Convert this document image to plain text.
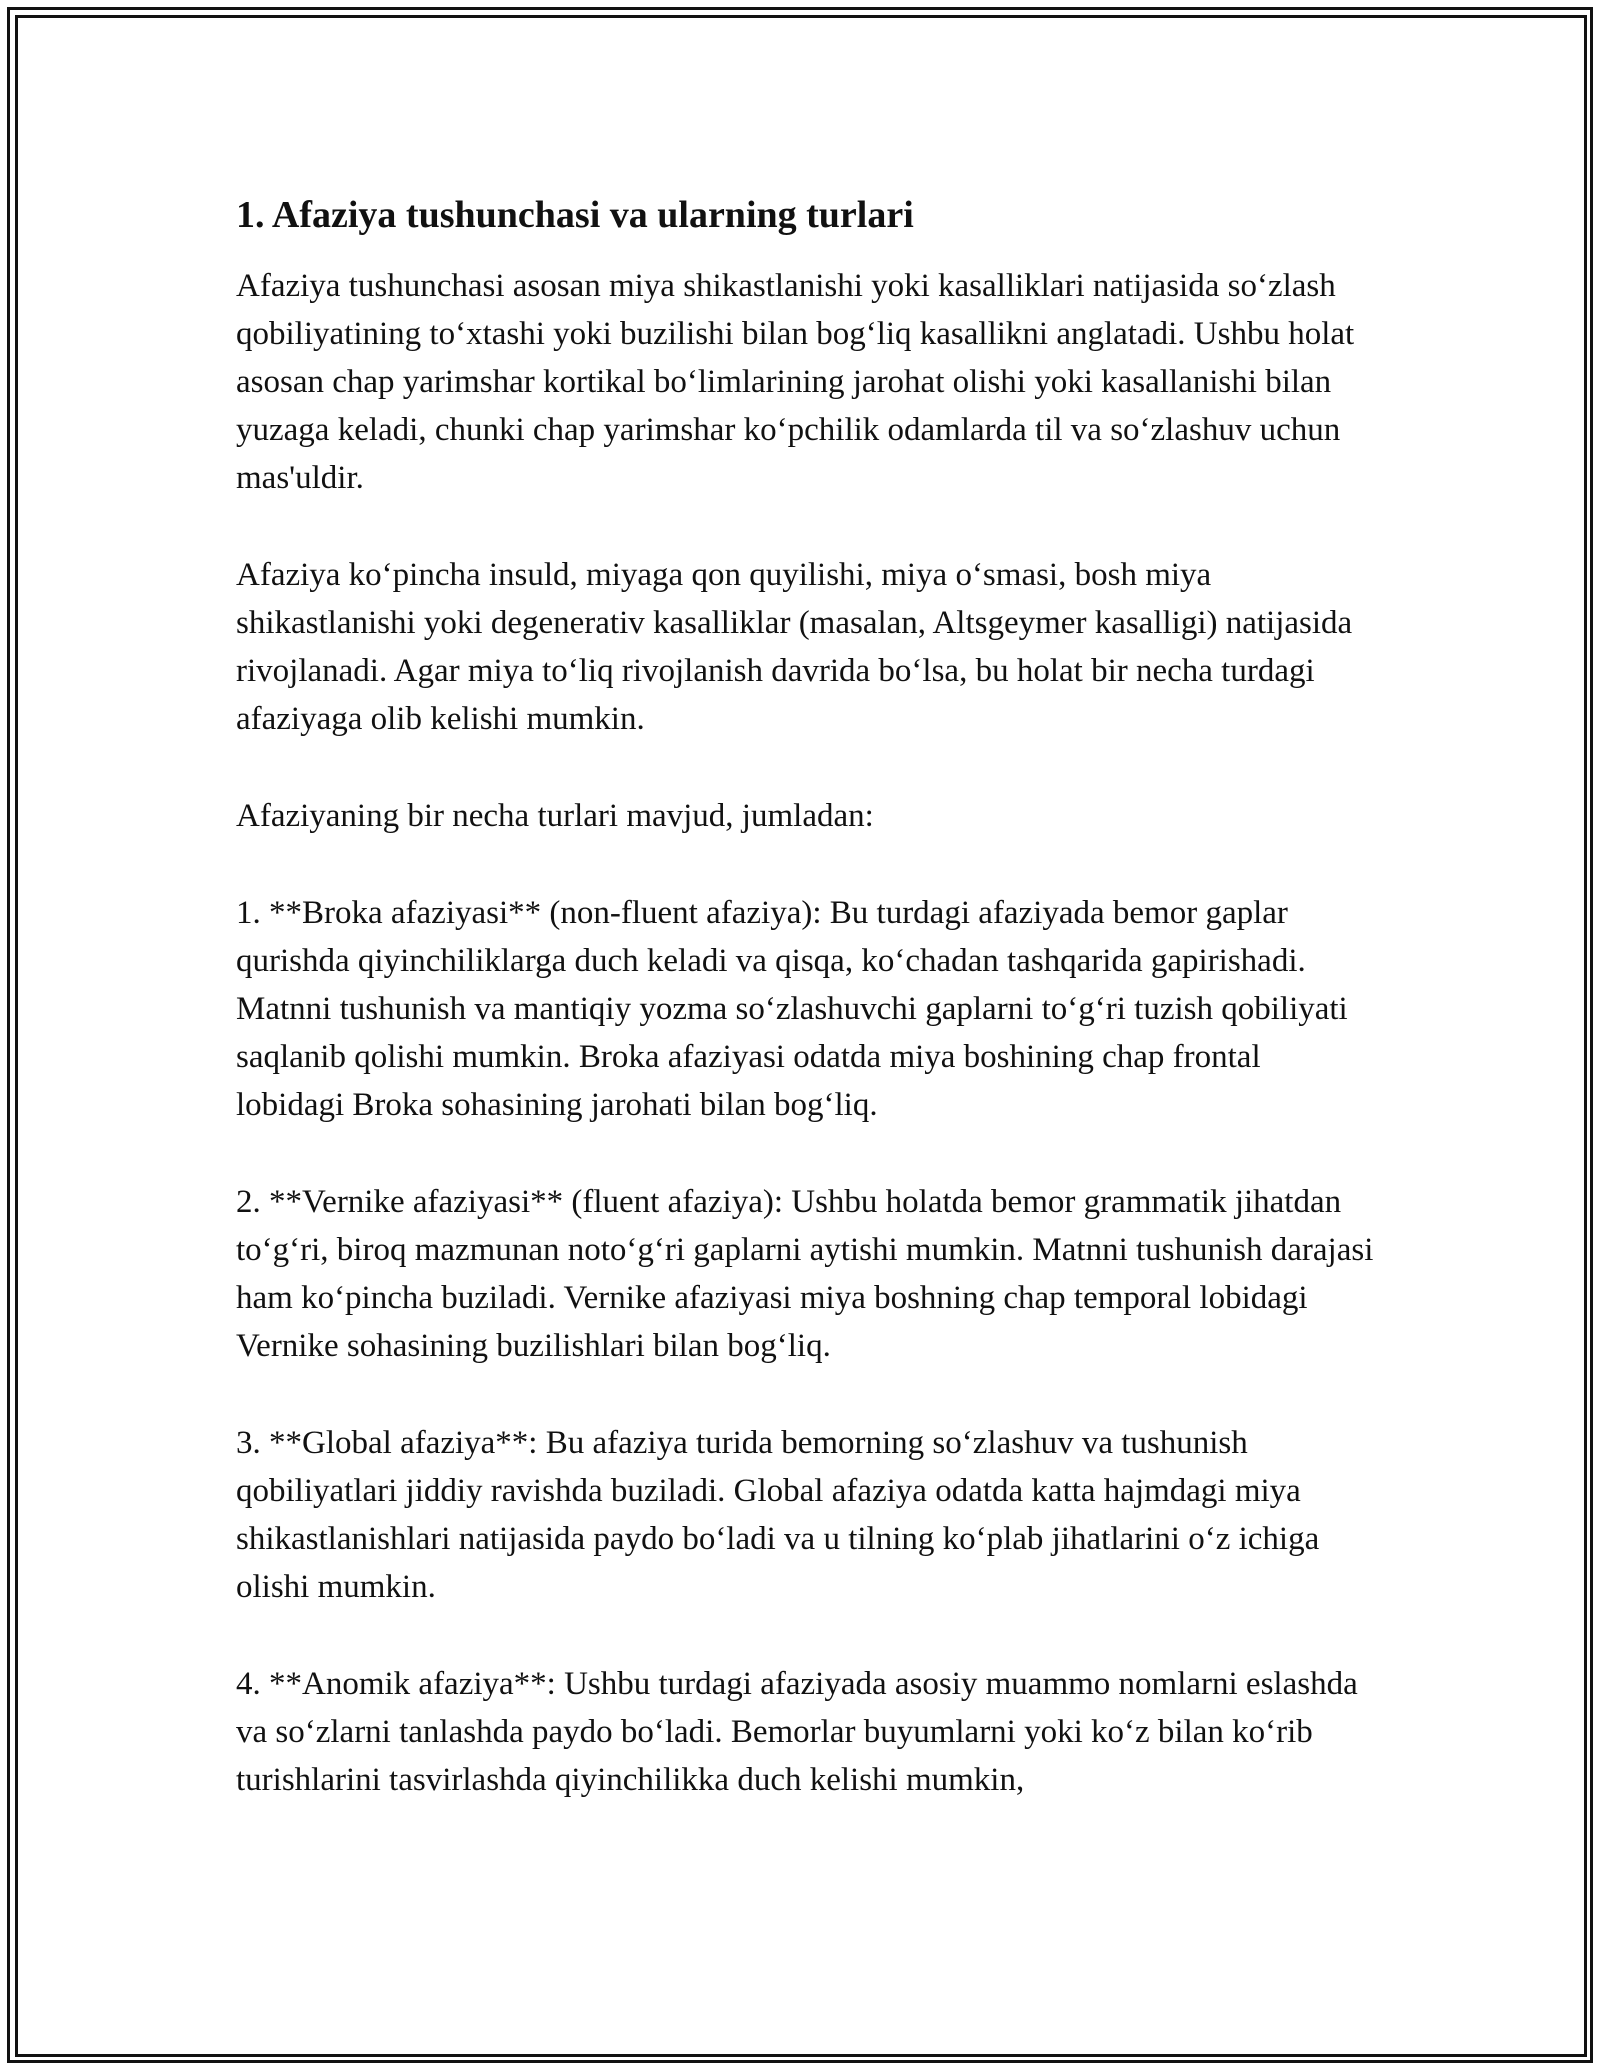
1. Afaziya tushunchasi va ularning turlari

Afaziya tushunchasi asosan miya shikastlanishi yoki kasalliklari natijasida so‘zlash qobiliyatining to‘xtashi yoki buzilishi bilan bog‘liq kasallikni anglatadi. Ushbu holat asosan chap yarimshar kortikal bo‘limlarining jarohat olishi yoki kasallanishi bilan yuzaga keladi, chunki chap yarimshar ko‘pchilik odamlarda til va so‘zlashuv uchun mas'uldir.

Afaziya ko‘pincha insuld, miyaga qon quyilishi, miya o‘smasi, bosh miya shikastlanishi yoki degenerativ kasalliklar (masalan, Altsgeymer kasalligi) natijasida rivojlanadi. Agar miya to‘liq rivojlanish davrida bo‘lsa, bu holat bir necha turdagi afaziyaga olib kelishi mumkin.

Afaziyaning bir necha turlari mavjud, jumladan:

1. **Broka afaziyasi** (non-fluent afaziya): Bu turdagi afaziyada bemor gaplar qurishda qiyinchiliklarga duch keladi va qisqa, ko‘chadan tashqarida gapirishadi. Matnni tushunish va mantiqiy yozma so‘zlashuvchi gaplarni to‘g‘ri tuzish qobiliyati saqlanib qolishi mumkin. Broka afaziyasi odatda miya boshining chap frontal lobidagi Broka sohasining jarohati bilan bog‘liq.

2. **Vernike afaziyasi** (fluent afaziya): Ushbu holatda bemor grammatik jihatdan to‘g‘ri, biroq mazmunan noto‘g‘ri gaplarni aytishi mumkin. Matnni tushunish darajasi ham ko‘pincha buziladi. Vernike afaziyasi miya boshning chap temporal lobidagi Vernike sohasining buzilishlari bilan bog‘liq.

3. **Global afaziya**: Bu afaziya turida bemorning so‘zlashuv va tushunish qobiliyatlari jiddiy ravishda buziladi. Global afaziya odatda katta hajmdagi miya shikastlanishlari natijasida paydo bo‘ladi va u tilning ko‘plab jihatlarini o‘z ichiga olishi mumkin.

4. **Anomik afaziya**: Ushbu turdagi afaziyada asosiy muammo nomlarni eslashda va so‘zlarni tanlashda paydo bo‘ladi. Bemorlar buyumlarni yoki ko‘z bilan ko‘rib turishlarini tasvirlashda qiyinchilikka duch kelishi mumkin,
